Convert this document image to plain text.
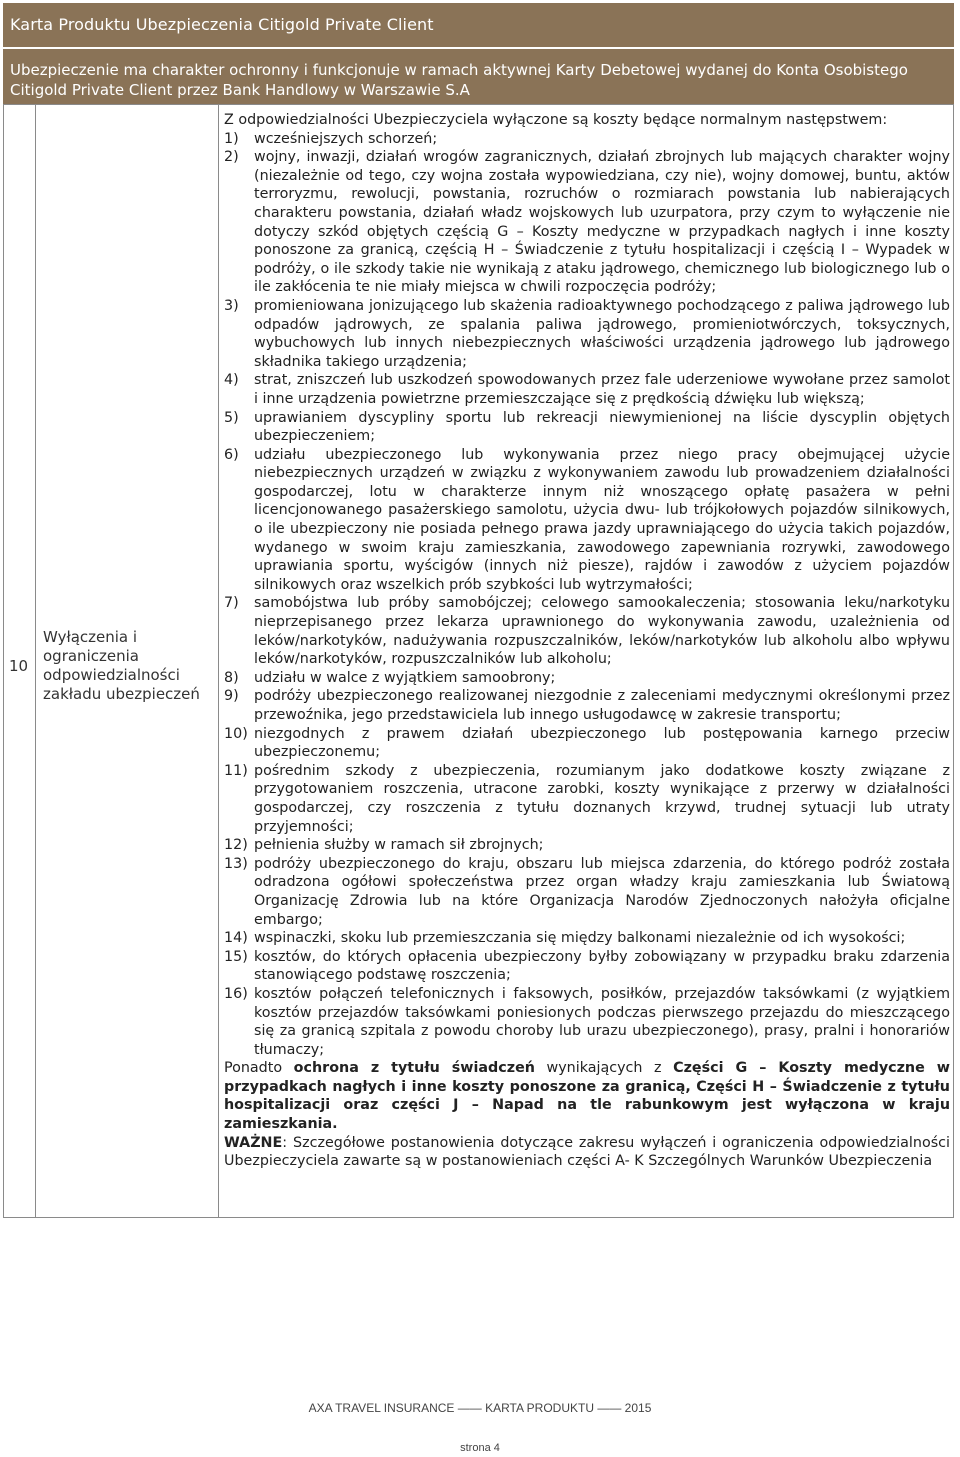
Karta Produktu Ubezpieczenia Citigold Private Client
Ubezpieczenie ma charakter ochronny i funkcjonuje w ramach aktywnej Karty Debetowej wydanej do Konta Osobistego Citigold Private Client przez Bank Handlowy w Warszawie S.A
10
Wyłączenia i ograniczenia odpowiedzialności zakładu ubezpieczeń

Z odpowiedzialności Ubezpieczyciela wyłączone są koszty będące normalnym następstwem:

1) wcześniejszych schorzeń;
2) wojny, inwazji, działań wrogów zagranicznych, działań zbrojnych lub mających charakter wojny (niezależnie od tego, czy wojna została wypowiedziana, czy nie), wojny domowej, buntu, aktów terroryzmu, rewolucji, powstania, rozruchów o rozmiarach powstania lub nabierających charakteru powstania, działań władz wojskowych lub uzurpatora, przy czym to wyłączenie nie dotyczy szkód objętych częścią G – Koszty medyczne w przypadkach nagłych i inne koszty ponoszone za granicą, częścią H – Świadczenie z tytułu hospitalizacji i częścią I – Wypadek w podróży, o ile szkody takie nie wynikają z ataku jądrowego, chemicznego lub biologicznego lub o ile zakłócenia te nie miały miejsca w chwili rozpoczęcia podróży;
3) promieniowana jonizującego lub skażenia radioaktywnego pochodzącego z paliwa jądrowego lub odpadów jądrowych, ze spalania paliwa jądrowego, promieniotwórczych, toksycznych, wybuchowych lub innych niebezpiecznych właściwości urządzenia jądrowego lub jądrowego składnika takiego urządzenia;
4) strat, zniszczeń lub uszkodzeń spowodowanych przez fale uderzeniowe wywołane przez samolot i inne urządzenia powietrzne przemieszczające się z prędkością dźwięku lub większą;
5) uprawianiem dyscypliny sportu lub rekreacji niewymienionej na liście dyscyplin objętych ubezpieczeniem;
6) udziału ubezpieczonego lub wykonywania przez niego pracy obejmującej użycie niebezpiecznych urządzeń w związku z wykonywaniem zawodu lub prowadzeniem działalności gospodarczej, lotu w charakterze innym niż wnoszącego opłatę pasażera w pełni licencjonowanego pasażerskiego samolotu, użycia dwu- lub trójkołowych pojazdów silnikowych, o ile ubezpieczony nie posiada pełnego prawa jazdy uprawniającego do użycia takich pojazdów, wydanego w swoim kraju zamieszkania, zawodowego zapewniania rozrywki, zawodowego uprawiania sportu, wyścigów (innych niż piesze), rajdów i zawodów z użyciem pojazdów silnikowych oraz wszelkich prób szybkości lub wytrzymałości;
7) samobójstwa lub próby samobójczej; celowego samookaleczenia; stosowania leku/narkotyku nieprzepisanego przez lekarza uprawnionego do wykonywania zawodu, uzależnienia od leków/narkotyków, nadużywania rozpuszczalników, leków/narkotyków lub alkoholu albo wpływu leków/narkotyków, rozpuszczalników lub alkoholu;
8) udziału w walce z wyjątkiem samoobrony;
9) podróży ubezpieczonego realizowanej niezgodnie z zaleceniami medycznymi określonymi przez przewoźnika, jego przedstawiciela lub innego usługodawcę w zakresie transportu;
10) niezgodnych z prawem działań ubezpieczonego lub postępowania karnego przeciw ubezpieczonemu;
11) pośrednim szkody z ubezpieczenia, rozumianym jako dodatkowe koszty związane z przygotowaniem roszczenia, utracone zarobki, koszty wynikające z przerwy w działalności gospodarczej, czy roszczenia z tytułu doznanych krzywd, trudnej sytuacji lub utraty przyjemności;
12) pełnienia służby w ramach sił zbrojnych;
13) podróży ubezpieczonego do kraju, obszaru lub miejsca zdarzenia, do którego podróż została odradzona ogółowi społeczeństwa przez organ władzy kraju zamieszkania lub Światową Organizację Zdrowia lub na które Organizacja Narodów Zjednoczonych nałożyła oficjalne embargo;
14) wspinaczki, skoku lub przemieszczania się między balkonami niezależnie od ich wysokości;
15) kosztów, do których opłacenia ubezpieczony byłby zobowiązany w przypadku braku zdarzenia stanowiącego podstawę roszczenia;
16) kosztów połączeń telefonicznych i faksowych, posiłków, przejazdów taksówkami (z wyjątkiem kosztów przejazdów taksówkami poniesionych podczas pierwszego przejazdu do mieszczącego się za granicą szpitala z powodu choroby lub urazu ubezpieczonego), prasy, pralni i honorariów tłumaczy;

Ponadto ochrona z tytułu świadczeń wynikających z Części G – Koszty medyczne w przypadkach nagłych i inne koszty ponoszone za granicą, Części H – Świadczenie z tytułu hospitalizacji oraz części J – Napad na tle rabunkowym jest wyłączona w kraju zamieszkania.

WAŻNE: Szczegółowe postanowienia dotyczące zakresu wyłączeń i ograniczenia odpowiedzialności Ubezpieczyciela zawarte są w postanowieniach części A- K Szczególnych Warunków Ubezpieczenia

AXA TRAVEL INSURANCE —— KARTA PRODUKTU —— 2015
strona 4
